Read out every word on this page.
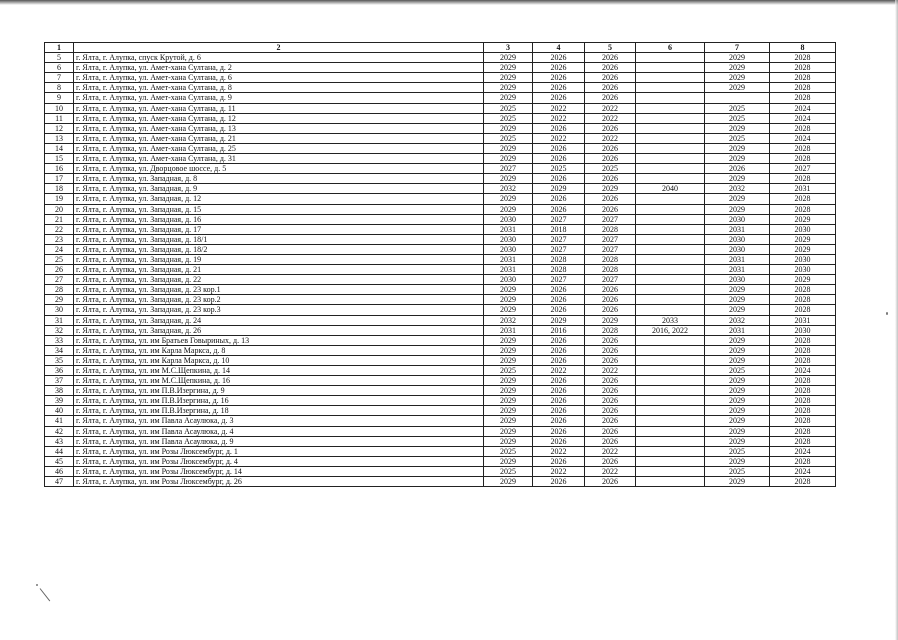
1	2	3	4	5	6	7	8
5	г. Ялта, г. Алупка, спуск Крутой, д. 6	2029	2026	2026		2029	2028
6	г. Ялта, г. Алупка, ул. Амет-хана Султана, д. 2	2029	2026	2026		2029	2028
7	г. Ялта, г. Алупка, ул. Амет-хана Султана, д. 6	2029	2026	2026		2029	2028
8	г. Ялта, г. Алупка, ул. Амет-хана Султана, д. 8	2029	2026	2026		2029	2028
9	г. Ялта, г. Алупка, ул. Амет-хана Султана, д. 9	2029	2026	2026			2028
10	г. Ялта, г. Алупка, ул. Амет-хана Султана, д. 11	2025	2022	2022		2025	2024
11	г. Ялта, г. Алупка, ул. Амет-хана Султана, д. 12	2025	2022	2022		2025	2024
12	г. Ялта, г. Алупка, ул. Амет-хана Султана, д. 13	2029	2026	2026		2029	2028
13	г. Ялта, г. Алупка, ул. Амет-хана Султана, д. 21	2025	2022	2022		2025	2024
14	г. Ялта, г. Алупка, ул. Амет-хана Султана, д. 25	2029	2026	2026		2029	2028
15	г. Ялта, г. Алупка, ул. Амет-хана Султана, д. 31	2029	2026	2026		2029	2028
16	г. Ялта, г. Алупка, ул. Дворцовое шоссе, д. 5	2027	2025	2025		2026	2027
17	г. Ялта, г. Алупка, ул. Западная, д. 8	2029	2026	2026		2029	2028
18	г. Ялта, г. Алупка, ул. Западная, д. 9	2032	2029	2029	2040	2032	2031
19	г. Ялта, г. Алупка, ул. Западная, д. 12	2029	2026	2026		2029	2028
20	г. Ялта, г. Алупка, ул. Западная, д. 15	2029	2026	2026		2029	2028
21	г. Ялта, г. Алупка, ул. Западная, д. 16	2030	2027	2027		2030	2029
22	г. Ялта, г. Алупка, ул. Западная, д. 17	2031	2018	2028		2031	2030
23	г. Ялта, г. Алупка, ул. Западная, д. 18/1	2030	2027	2027		2030	2029
24	г. Ялта, г. Алупка, ул. Западная, д. 18/2	2030	2027	2027		2030	2029
25	г. Ялта, г. Алупка, ул. Западная, д. 19	2031	2028	2028		2031	2030
26	г. Ялта, г. Алупка, ул. Западная, д. 21	2031	2028	2028		2031	2030
27	г. Ялта, г. Алупка, ул. Западная, д. 22	2030	2027	2027		2030	2029
28	г. Ялта, г. Алупка, ул. Западная, д. 23 кор.1	2029	2026	2026		2029	2028
29	г. Ялта, г. Алупка, ул. Западная, д. 23 кор.2	2029	2026	2026		2029	2028
30	г. Ялта, г. Алупка, ул. Западная, д. 23 кор.3	2029	2026	2026		2029	2028
31	г. Ялта, г. Алупка, ул. Западная, д. 24	2032	2029	2029	2033	2032	2031
32	г. Ялта, г. Алупка, ул. Западная, д. 26	2031	2016	2028	2016, 2022	2031	2030
33	г. Ялта, г. Алупка, ул. им Братьев Говыриных, д. 13	2029	2026	2026		2029	2028
34	г. Ялта, г. Алупка, ул. им Карла Маркса, д. 8	2029	2026	2026		2029	2028
35	г. Ялта, г. Алупка, ул. им Карла Маркса, д. 10	2029	2026	2026		2029	2028
36	г. Ялта, г. Алупка, ул. им М.С.Щепкина, д. 14	2025	2022	2022		2025	2024
37	г. Ялта, г. Алупка, ул. им М.С.Щепкина, д. 16	2029	2026	2026		2029	2028
38	г. Ялта, г. Алупка, ул. им П.В.Изергина, д. 9	2029	2026	2026		2029	2028
39	г. Ялта, г. Алупка, ул. им П.В.Изергина, д. 16	2029	2026	2026		2029	2028
40	г. Ялта, г. Алупка, ул. им П.В.Изергина, д. 18	2029	2026	2026		2029	2028
41	г. Ялта, г. Алупка, ул. им Павла Асаулюка, д. 3	2029	2026	2026		2029	2028
42	г. Ялта, г. Алупка, ул. им Павла Асаулюка, д. 4	2029	2026	2026		2029	2028
43	г. Ялта, г. Алупка, ул. им Павла Асаулюка, д. 9	2029	2026	2026		2029	2028
44	г. Ялта, г. Алупка, ул. им Розы Люксембург, д. 1	2025	2022	2022		2025	2024
45	г. Ялта, г. Алупка, ул. им Розы Люксембург, д. 4	2029	2026	2026		2029	2028
46	г. Ялта, г. Алупка, ул. им Розы Люксембург, д. 14	2025	2022	2022		2025	2024
47	г. Ялта, г. Алупка, ул. им Розы Люксембург, д. 26	2029	2026	2026		2029	2028
